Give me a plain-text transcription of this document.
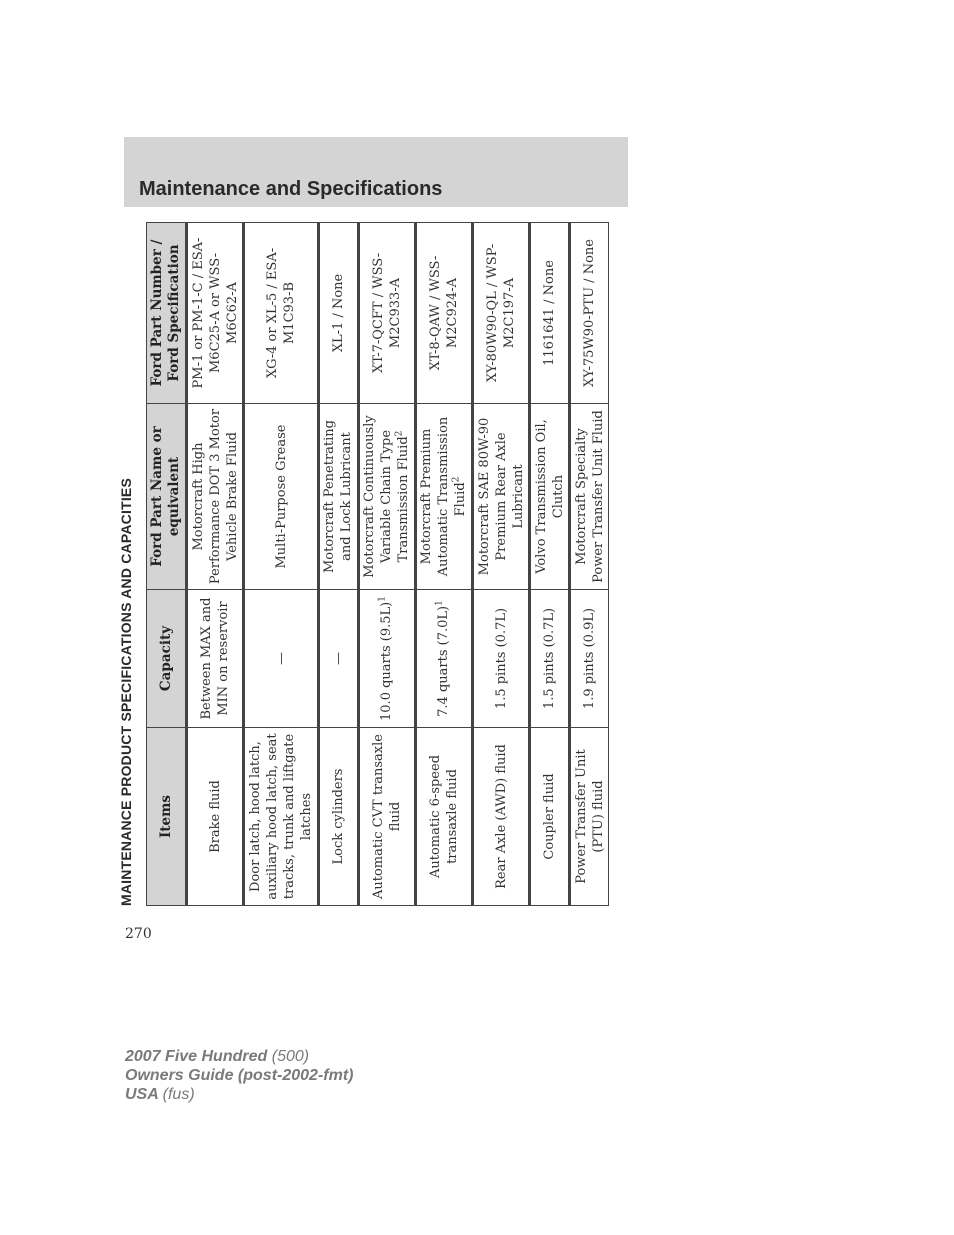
Maintenance and Specifications
MAINTENANCE PRODUCT SPECIFICATIONS AND CAPACITIES Items	Capacity	Ford Part Name or equivalent	Ford Part Number / Ford Specification
Brake fluid	Between MAX and MIN on reservoir	Motorcraft High Performance DOT 3 Motor Vehicle Brake Fluid	PM-1 or PM-1-C / ESA-M6C25-A or WSS-M6C62-A
Door latch, hood latch, auxiliary hood latch, seat tracks, trunk and liftgate latches	—	Multi-Purpose Grease	XG-4 or XL-5 / ESA-M1C93-B
Lock cylinders	—	Motorcraft Penetrating and Lock Lubricant	XL-1 / None
Automatic CVT transaxle fluid	10.0 quarts $(9.5L)^1$	Motorcraft Continuously Variable Chain Type Transmission Fluid$^2$	XT-7-QCFT / WSS-M2C933-A
Automatic 6-speed transaxle fluid	7.4 quarts $(7.0L)^1$	Motorcraft Premium Automatic Transmission Fluid$^2$	XT-8-QAW / WSS-M2C924-A
Rear Axle (AWD) fluid	1.5 pints (0.7L)	Motorcraft SAE 80W-90 Premium Rear Axle Lubricant	XY-80W90-QL / WSP-M2C197-A
Coupler fluid	1.5 pints (0.7L)	Volvo Transmission Oil, Clutch	1161641 / None
Power Transfer Unit (PTU) fluid	1.9 pints (0.9L)	Motorcraft Specialty Power Transfer Unit Fluid	XY-75W90-PTU / None
270
2007 Five Hundred (500)
Owners Guide (post-2002-fmt)
USA (fus)
